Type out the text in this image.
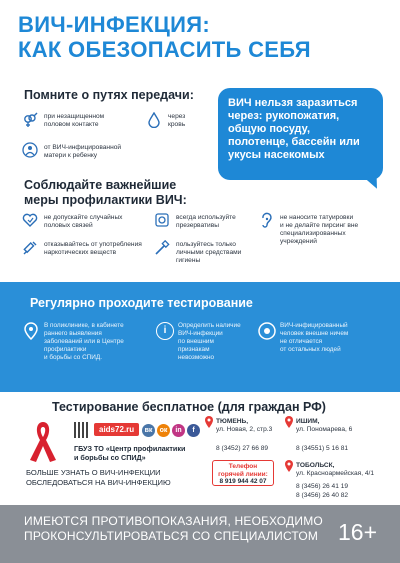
ВИЧ-ИНФЕКЦИЯ:
КАК ОБЕЗОПАСИТЬ СЕБЯ
Помните о путях передачи:
при незащищенном
половом контакте
через
кровь
от ВИЧ-инфицированной
матери к ребенку
ВИЧ нельзя заразиться
через: рукопожатия,
общую посуду,
полотенце, бассейн или
укусы насекомых
Соблюдайте важнейшие
меры профилактики ВИЧ:
не допускайте случайных
половых связей
отказывайтесь от употребления
наркотических веществ
всегда используйте
презервативы
пользуйтесь только
личными средствами
гигиены
не наносите татуировки
и не делайте пирсинг вне
специализированных
учреждений
Регулярно проходите тестирование
В поликлинике, в кабинете
раннего выявления
заболеваний или в Центре
профилактики
и борьбы со СПИД.
i	Определить наличие
ВИЧ-инфекции
по внешним
признакам
невозможно
ВИЧ-инфицированный
человек внешне ничем
не отличается
от остальных людей
Тестирование бесплатное (для граждан РФ)
aids72.ru	вк	ок	in	f
ГБУЗ ТО «Центр профилактики
и борьбы со СПИД»
БОЛЬШЕ УЗНАТЬ О ВИЧ-ИНФЕКЦИИ
ОБСЛЕДОВАТЬСЯ НА ВИЧ-ИНФЕКЦИЮ
Телефон
горячей линии:
8 919 944 42 07
ТЮМЕНЬ,
ул. Новая, 2, стр.3
8 (3452) 27 66 89
ИШИМ,
ул. Пономарева, 6
8 (34551) 5 16 81
ТОБОЛЬСК,
ул. Красноармейская, 4/1
8 (3456) 26 41 19
8 (3456) 26 40 82
ИМЕЮТСЯ ПРОТИВОПОКАЗАНИЯ, НЕОБХОДИМО
ПРОКОНСУЛЬТИРОВАТЬСЯ СО СПЕЦИАЛИСТОМ 16+
